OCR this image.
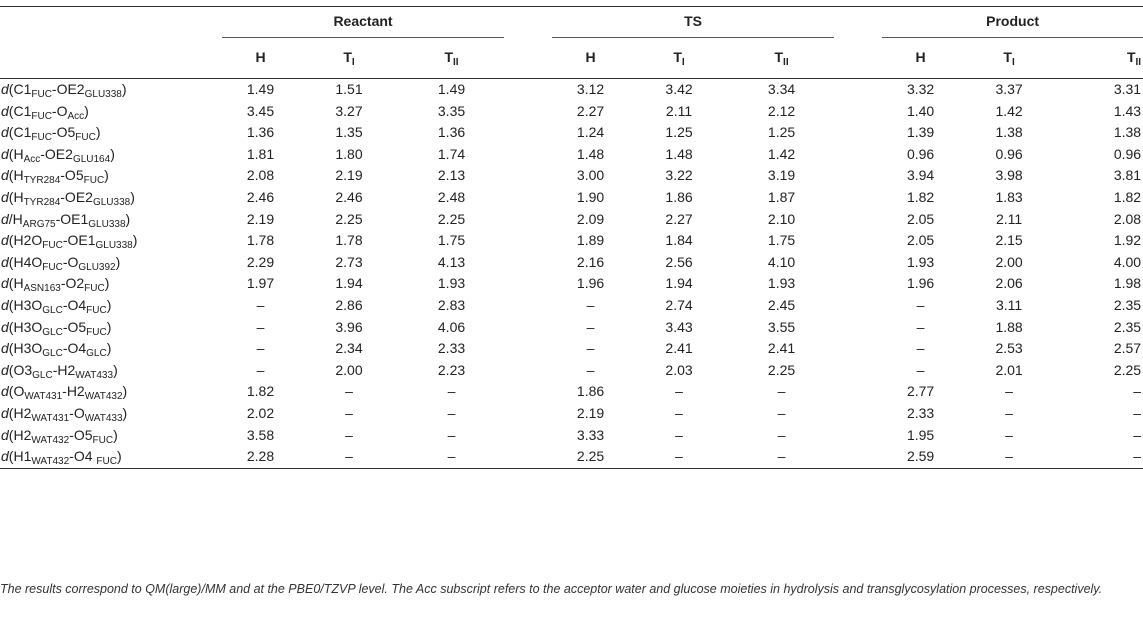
	Reactant				TS				Product		
	H	$T_I$	$T_{II}$		H	$T_I$	$T_{II}$		H	$T_I$	$T_{II}$
$d(C1_{FUC}-OE2_{GLU338})$	1.49	1.51	1.49		3.12	3.42	3.34		3.32	3.37	3.31
$d(C1_{FUC}-O_{Acc})$	3.45	3.27	3.35		2.27	2.11	2.12		1.40	1.42	1.43
$d(C1_{FUC}-O5_{FUC})$	1.36	1.35	1.36		1.24	1.25	1.25		1.39	1.38	1.38
$d(H_{Acc}-OE2_{GLU164})$	1.81	1.80	1.74		1.48	1.48	1.42		0.96	0.96	0.96
$d(H_{TYR284}-O5_{FUC})$	2.08	2.19	2.13		3.00	3.22	3.19		3.94	3.98	3.81
$d(H_{TYR284}-OE2_{GLU338})$	2.46	2.46	2.48		1.90	1.86	1.87		1.82	1.83	1.82
$d/H_{ARG75}-OE1_{GLU338}$)	2.19	2.25	2.25		2.09	2.27	2.10		2.05	2.11	2.08
$d(H2O_{FUC}-OE1_{GLU338})$	1.78	1.78	1.75		1.89	1.84	1.75		2.05	2.15	1.92
$d(H4O_{FUC}-O_{GLU392})$	2.29	2.73	4.13		2.16	2.56	4.10		1.93	2.00	4.00
$d(H_{ASN163}-O2_{FUC})$	1.97	1.94	1.93		1.96	1.94	1.93		1.96	2.06	1.98
$d(H3O_{GLC}-O4_{FUC})$	–	2.86	2.83		–	2.74	2.45		–	3.11	2.35
$d(H3O_{GLC}-O5_{FUC})$	–	3.96	4.06		–	3.43	3.55		–	1.88	2.35
$d(H3O_{GLC}-O4_{GLC})$	–	2.34	2.33		–	2.41	2.41		–	2.53	2.57
$d(O3_{GLC}-H2_{WAT433})$	–	2.00	2.23		–	2.03	2.25		–	2.01	2.25
$d(O_{WAT431}-H2_{WAT432})$	1.82	–	–		1.86	–	–		2.77	–	–
$d(H2_{WAT431}-O_{WAT433})$	2.02	–	–		2.19	–	–		2.33	–	–
$d(H2_{WAT432}-O5_{FUC})$	3.58	–	–		3.33	–	–		1.95	–	–
$d(H1_{WAT432}-O4$ $_{FUC}$)	2.28	–	–		2.25	–	–		2.59	–	–
The results correspond to QM(large)/MM and at the PBE0/TZVP level. The Acc subscript refers to the acceptor water and glucose moieties in hydrolysis and transglycosylation processes, respectively.
